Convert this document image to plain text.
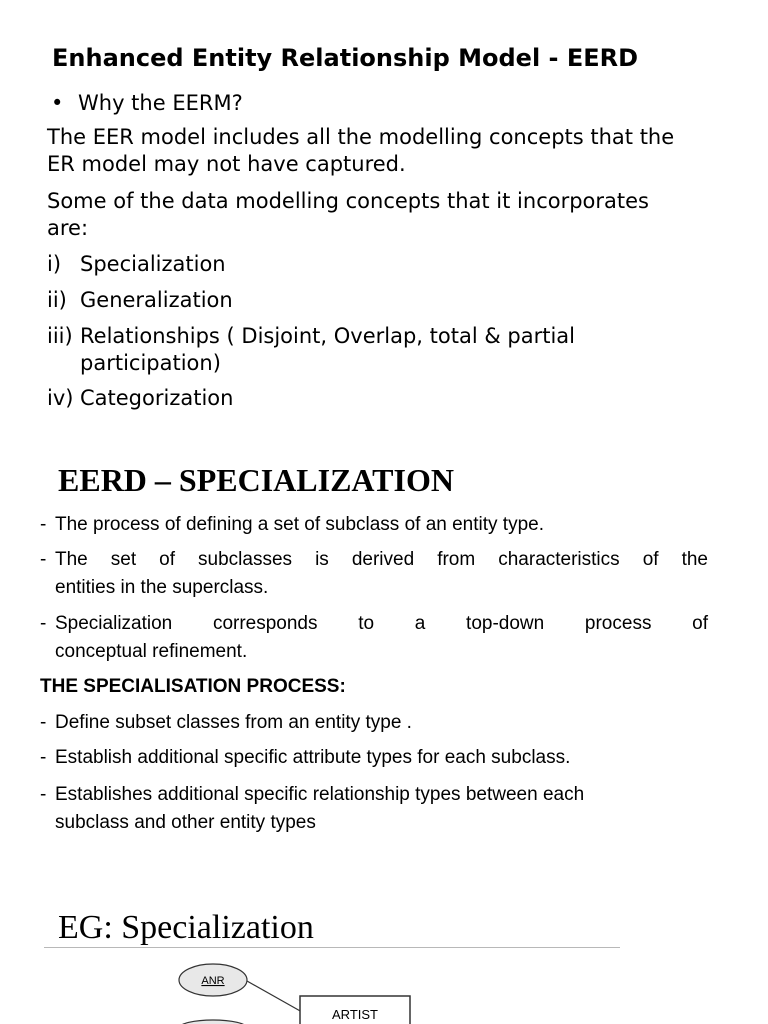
Enhanced Entity Relationship Model - EERD
• Why the EERM?
The EER model includes all the modelling concepts that the
ER model may not have captured.
Some of the data modelling concepts that it incorporates
are:
i) Specialization
ii) Generalization
iii) Relationships ( Disjoint, Overlap, total & partial
participation)
iv) Categorization
EERD – SPECIALIZATION
- The process of defining a set of subclass of an entity type.
- The set of subclasses is derived from characteristics of the
entities in the superclass.
- Specialization corresponds to a top-down process of
conceptual refinement.
THE SPECIALISATION PROCESS:
- Define subset classes from an entity type .
- Establish additional specific attribute types for each subclass.
- Establishes additional specific relationship types between each
subclass and other entity types
EG: Specialization
ANR
ARTIST
